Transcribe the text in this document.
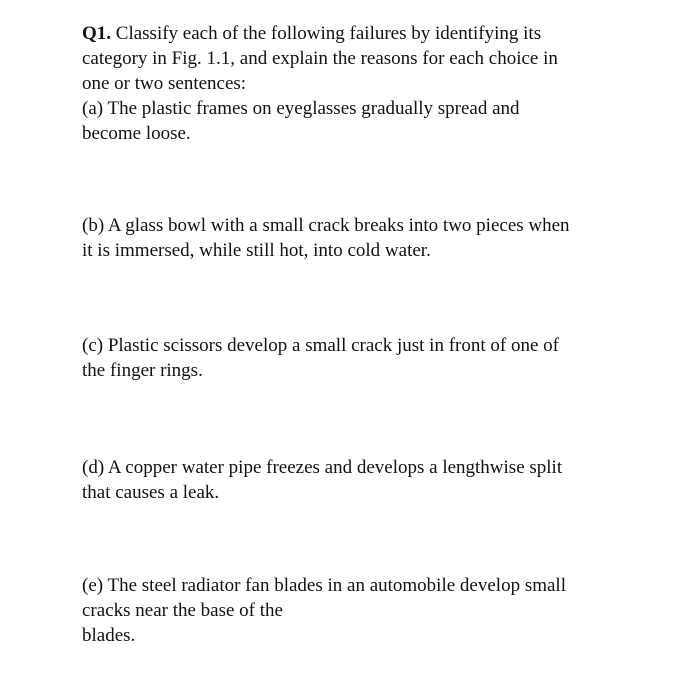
Q1. Classify each of the following failures by identifying its
category in Fig. 1.1, and explain the reasons for each choice in
one or two sentences:
(a) The plastic frames on eyeglasses gradually spread and
become loose.
(b) A glass bowl with a small crack breaks into two pieces when
it is immersed, while still hot, into cold water.
(c) Plastic scissors develop a small crack just in front of one of
the finger rings.
(d) A copper water pipe freezes and develops a lengthwise split
that causes a leak.
(e) The steel radiator fan blades in an automobile develop small
cracks near the base of the
blades.
